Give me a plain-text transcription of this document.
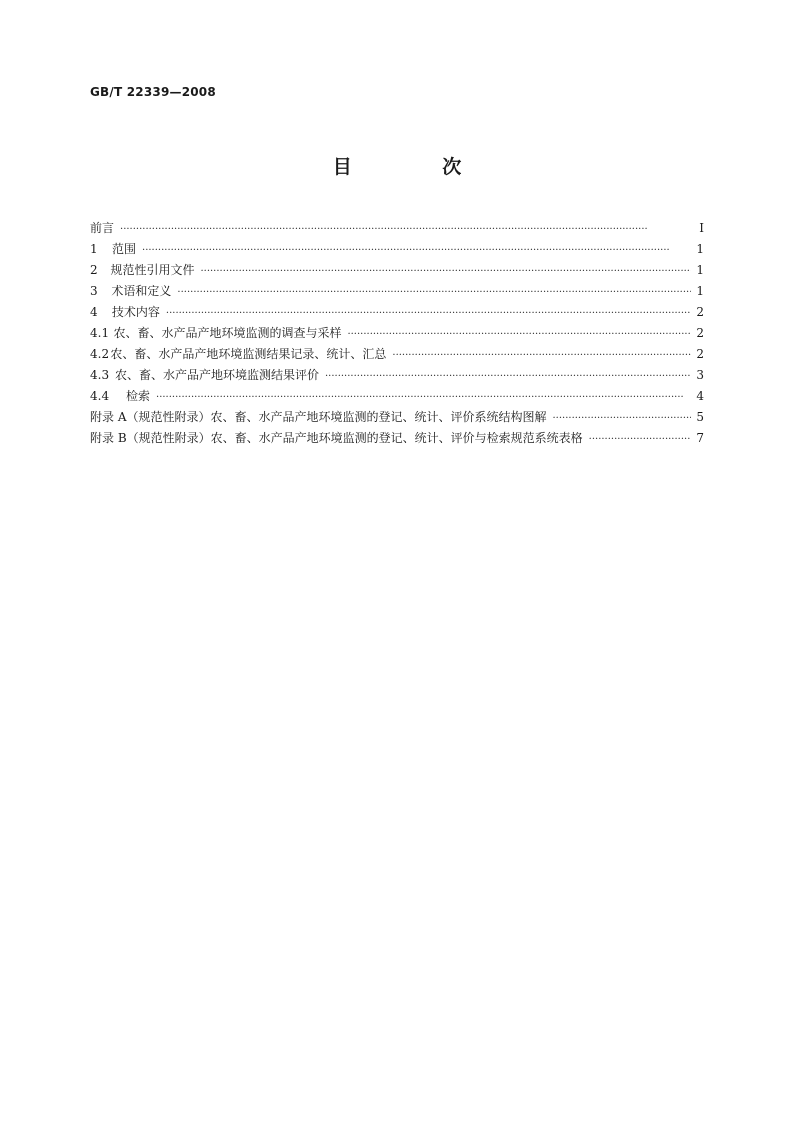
GB/T 22339—2008
目 次
前言 ·····	I
1	范围 ·····	1
2	规范性引用文件 ·····	1
3	术语和定义 ·····	1
4	技术内容 ·····	2
4.1 农、畜、水产品产地环境监测的调查与采样 ·····	2
4.2 农、畜、水产品产地环境监测结果记录、统计、汇总 ·····	2
4.3 农、畜、水产品产地环境监测结果评价 ·····	3
4.4	检索 ·····	4
附录 A（规范性附录） 农、畜、水产品产地环境监测的登记、统计、评价系统结构图解 ·····	5
附录 B（规范性附录） 农、畜、水产品产地环境监测的登记、统计、评价与检索规范系统表格 ·····	7
